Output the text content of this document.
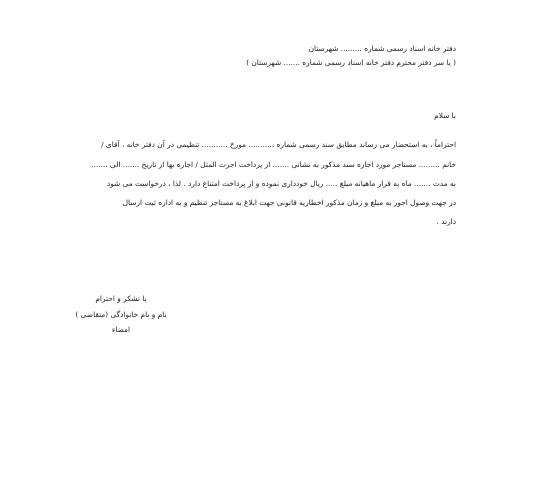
دفتر خانه اسناد رسمی شماره ......... شهرستان
( یا سر دفتر محترم دفتر خانه اسناد رسمی شماره ....... شهرستان )
با سلام
احتراماً ، به استحضار می رساند مطابق سند رسمی شماره ........... مورخ ........... تنظیمی در آن دفتر خانه ، آقای /
خانم ......... مستاجر مورد اجاره سند مذکور به نشانی ....... از پرداخت اجرت المثل / اجاره بها از تاریخ ....... الی .......
به مدت ....... ماه به قرار ماهیانه مبلغ ..... ریال خودداری نموده و از پرداخت امتناع دارد . لذا ، درخواست می شود
در جهت وصول اجور به مبلغ و زمان مذکور اخطاریه قانونی جهت ابلاغ به مستاجر تنظیم و به اداره ثبت ارسال
دارند .
با تشکر و احترام
نام و نام خانوادگی (متقاضی )
امضاء
